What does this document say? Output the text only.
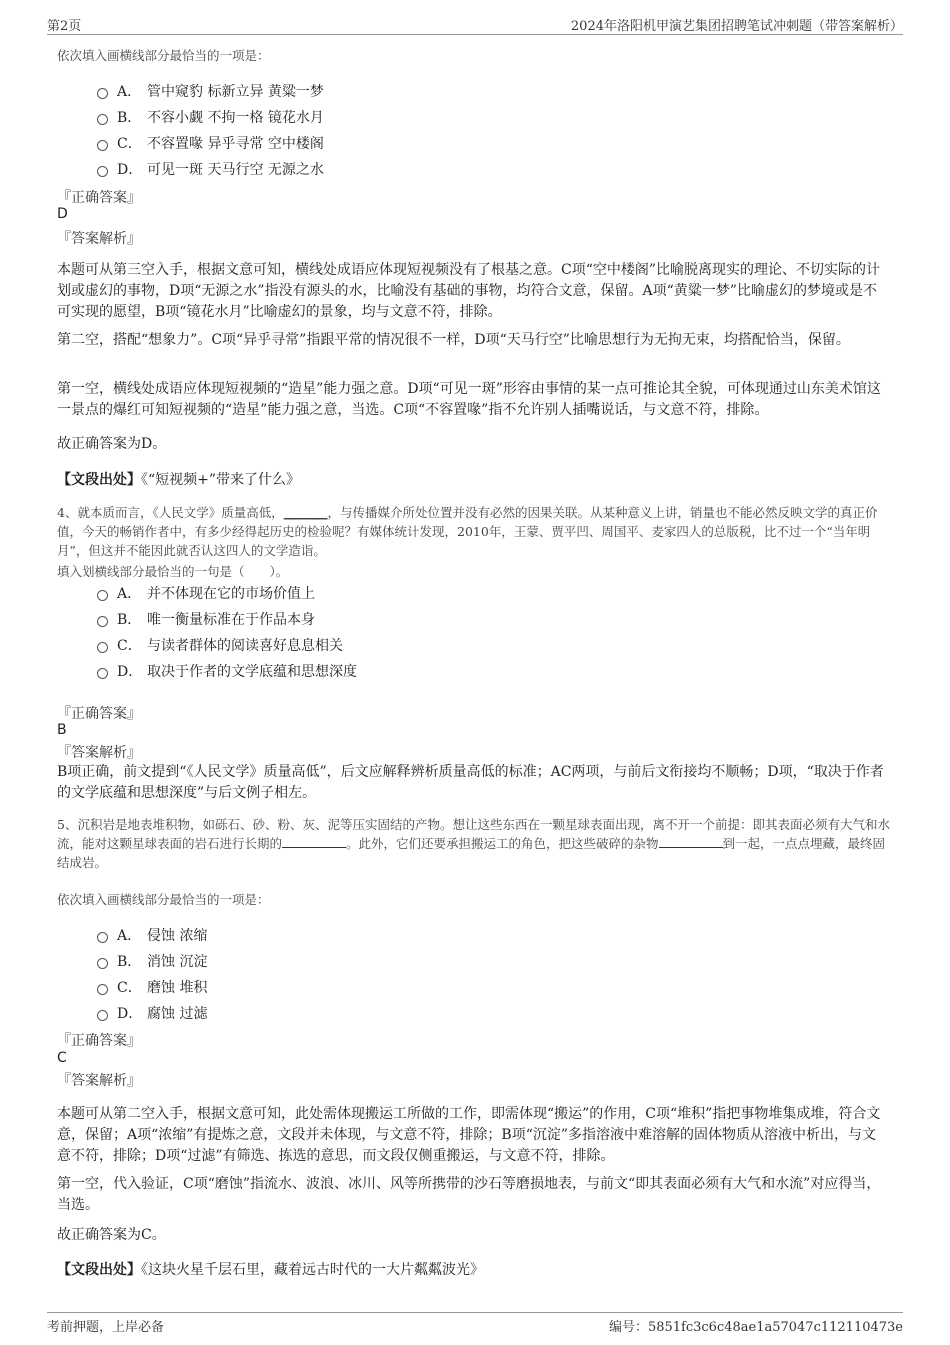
第2页	2024年洛阳机甲演艺集团招聘笔试冲刺题（带答案解析）
依次填入画横线部分最恰当的一项是：
A． 管中窥豹 标新立异 黄粱一梦
B． 不容小觑 不拘一格 镜花水月
C． 不容置喙 异乎寻常 空中楼阁
D． 可见一斑 天马行空 无源之水
『正确答案』
D
『答案解析』
本题可从第三空入手，根据文意可知，横线处成语应体现短视频没有了根基之意。C项“空中楼阁”比喻脱离现实的理论、不切实际的计划或虚幻的事物，D项“无源之水”指没有源头的水，比喻没有基础的事物，均符合文意，保留。A项“黄粱一梦”比喻虚幻的梦境或是不可实现的愿望，B项“镜花水月”比喻虚幻的景象，均与文意不符，排除。
第二空，搭配“想象力”。C项“异乎寻常”指跟平常的情况很不一样，D项“天马行空”比喻思想行为无拘无束，均搭配恰当，保留。
第一空，横线处成语应体现短视频的“造星”能力强之意。D项“可见一斑”形容由事情的某一点可推论其全貌，可体现通过山东美术馆这一景点的爆红可知短视频的“造星”能力强之意，当选。C项“不容置喙”指不允许别人插嘴说话，与文意不符，排除。
故正确答案为D。
【文段出处】《“短视频+”带来了什么》
4、就本质而言，《人民文学》质量高低，_______，与传播媒介所处位置并没有必然的因果关联。从某种意义上讲，销量也不能必然反映文学的真正价值，今天的畅销作者中，有多少经得起历史的检验呢？有媒体统计发现，2010年，王蒙、贾平凹、周国平、麦家四人的总版税，比不过一个“当年明月”，但这并不能因此就否认这四人的文学造诣。
填入划横线部分最恰当的一句是（　　）。
A． 并不体现在它的市场价值上
B． 唯一衡量标准在于作品本身
C． 与读者群体的阅读喜好息息相关
D． 取决于作者的文学底蕴和思想深度
『正确答案』
B
『答案解析』
B项正确，前文提到“《人民文学》质量高低”，后文应解释辨析质量高低的标准；AC两项，与前后文衔接均不顺畅；D项，“取决于作者的文学底蕴和思想深度”与后文例子相左。
5、沉积岩是地表堆积物，如砾石、砂、粉、灰、泥等压实固结的产物。想让这些东西在一颗星球表面出现，离不开一个前提：即其表面必须有大气和水流，能对这颗星球表面的岩石进行长期的	。此外，它们还要承担搬运工的角色，把这些破碎的杂物	到一起，一点点埋藏，最终固结成岩。
依次填入画横线部分最恰当的一项是：
A． 侵蚀 浓缩
B． 消蚀 沉淀
C． 磨蚀 堆积
D． 腐蚀 过滤
『正确答案』
C
『答案解析』
本题可从第二空入手，根据文意可知，此处需体现搬运工所做的工作，即需体现“搬运”的作用，C项“堆积”指把事物堆集成堆，符合文意，保留；A项“浓缩”有提炼之意，文段并未体现，与文意不符，排除；B项“沉淀”多指溶液中难溶解的固体物质从溶液中析出，与文意不符，排除；D项“过滤”有筛选、拣选的意思，而文段仅侧重搬运，与文意不符，排除。
第一空，代入验证，C项“磨蚀”指流水、波浪、冰川、风等所携带的沙石等磨损地表，与前文“即其表面必须有大气和水流”对应得当，当选。
故正确答案为C。
【文段出处】《这块火星千层石里，藏着远古时代的一大片粼粼波光》
考前押题，上岸必备	编号：5851fc3c6c48ae1a57047c112110473e
